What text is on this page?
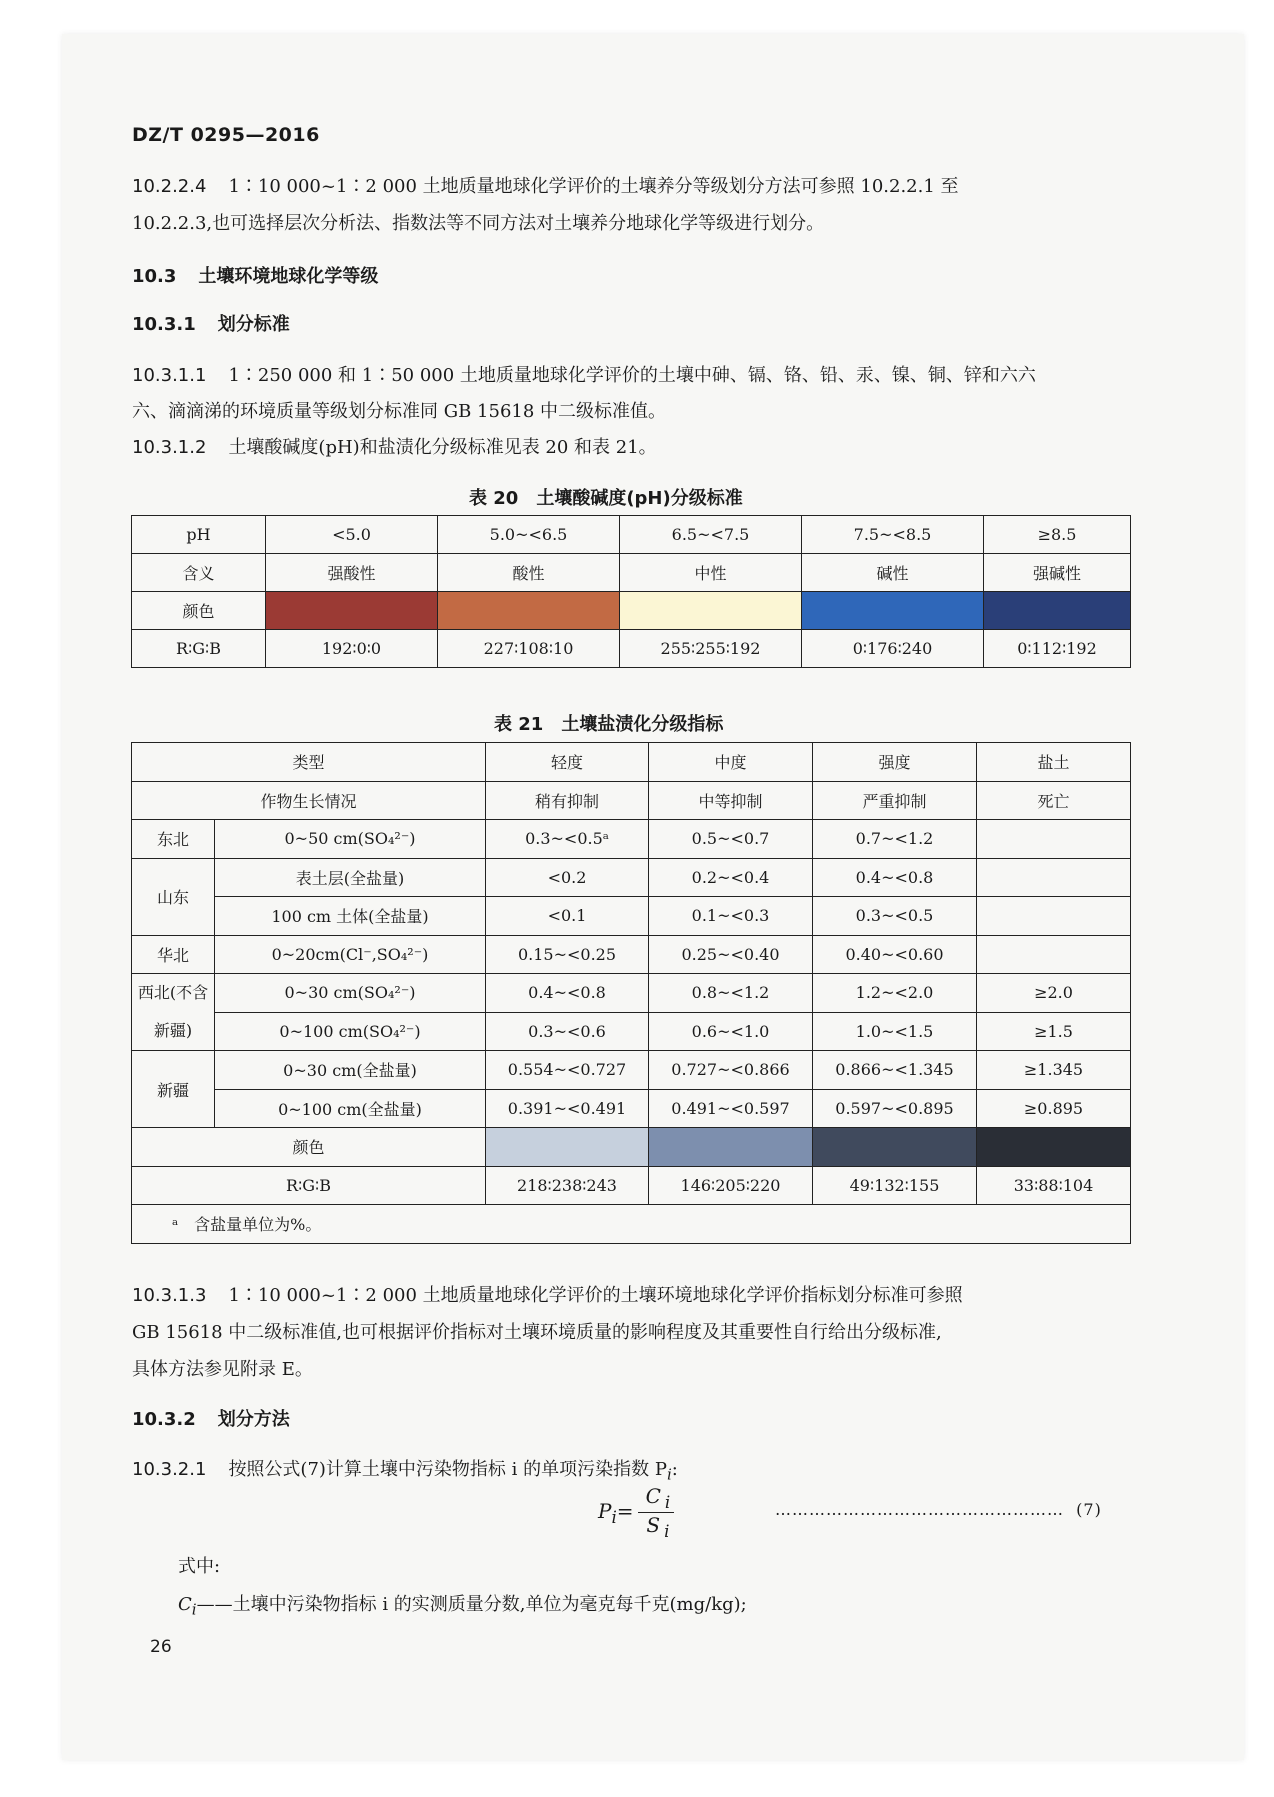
DZ/T 0295—2016
10.2.2.4 1∶10 000~1∶2 000 土地质量地球化学评价的土壤养分等级划分方法可参照 10.2.2.1 至
10.2.2.3,也可选择层次分析法、指数法等不同方法对土壤养分地球化学等级进行划分。
10.3 土壤环境地球化学等级
10.3.1 划分标准
10.3.1.1 1∶250 000 和 1∶50 000 土地质量地球化学评价的土壤中砷、镉、铬、铅、汞、镍、铜、锌和六六
六、滴滴涕的环境质量等级划分标准同 GB 15618 中二级标准值。
10.3.1.2 土壤酸碱度(pH)和盐渍化分级标准见表 20 和表 21。
表 20　土壤酸碱度(pH)分级标准
pH	<5.0	5.0~<6.5	6.5~<7.5	7.5~<8.5	≥8.5
含义	强酸性	酸性	中性	碱性	强碱性
颜色					
R∶G∶B	192∶0∶0	227∶108∶10	255∶255∶192	0∶176∶240	0∶112∶192
表 21　土壤盐渍化分级指标
类型		轻度	中度	强度	盐土
作物生长情况		稍有抑制	中等抑制	严重抑制	死亡
东北	0~50 cm(SO₄²⁻)	0.3~<0.5ᵃ	0.5~<0.7	0.7~<1.2	
山东	表土层(全盐量)	<0.2	0.2~<0.4	0.4~<0.8	
	100 cm 土体(全盐量)	<0.1	0.1~<0.3	0.3~<0.5	
华北	0~20cm(Cl⁻,SO₄²⁻)	0.15~<0.25	0.25~<0.40	0.40~<0.60	
西北(不含新疆)	0~30 cm(SO₄²⁻)	0.4~<0.8	0.8~<1.2	1.2~<2.0	≥2.0
	0~100 cm(SO₄²⁻)	0.3~<0.6	0.6~<1.0	1.0~<1.5	≥1.5
新疆	0~30 cm(全盐量)	0.554~<0.727	0.727~<0.866	0.866~<1.345	≥1.345
	0~100 cm(全盐量)	0.391~<0.491	0.491~<0.597	0.597~<0.895	≥0.895
颜色					
R∶G∶B		218∶238∶243	146∶205∶220	49∶132∶155	33∶88∶104
ᵃ　含盐量单位为%。					
10.3.1.3 1∶10 000~1∶2 000 土地质量地球化学评价的土壤环境地球化学评价指标划分标准可参照
GB 15618 中二级标准值,也可根据评价指标对土壤环境质量的影响程度及其重要性自行给出分级标准,
具体方法参见附录 E。
10.3.2 划分方法
10.3.2.1 按照公式(7)计算土壤中污染物指标 i 的单项污染指数 $P_i$:
$P_i= \frac{C _i}{S _i}$	…………………………………………… (7)
式中:
$C_i——$土壤中污染物指标 i 的实测质量分数,单位为毫克每千克(mg/kg);
26
